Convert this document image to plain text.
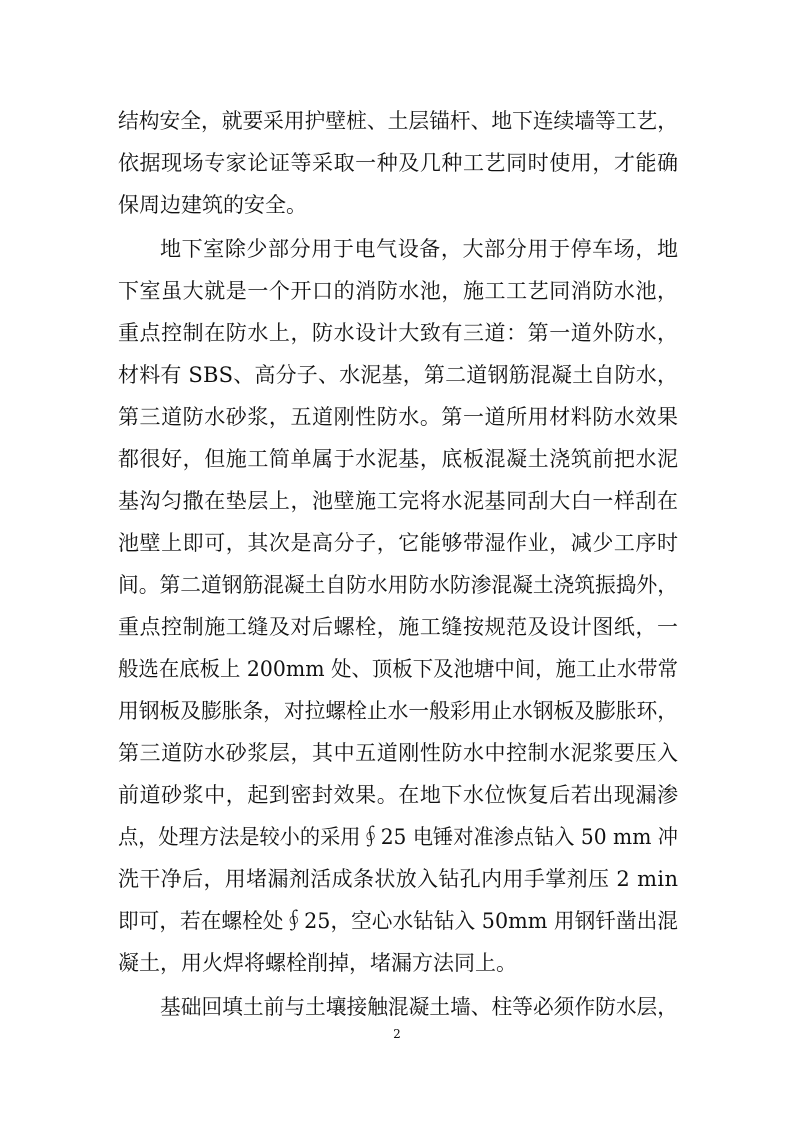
结构安全，就要采用护壁桩、土层锚杆、地下连续墙等工艺，
依据现场专家论证等采取一种及几种工艺同时使用，才能确
保周边建筑的安全。
地下室除少部分用于电气设备，大部分用于停车场，地
下室虽大就是一个开口的消防水池，施工工艺同消防水池，
重点控制在防水上，防水设计大致有三道：第一道外防水，
材料有 SBS、高分子、水泥基，第二道钢筋混凝土自防水，
第三道防水砂浆，五道刚性防水。第一道所用材料防水效果
都很好，但施工简单属于水泥基，底板混凝土浇筑前把水泥
基沟匀撒在垫层上，池壁施工完将水泥基同刮大白一样刮在
池壁上即可，其次是高分子，它能够带湿作业，减少工序时
间。第二道钢筋混凝土自防水用防水防渗混凝土浇筑振捣外，
重点控制施工缝及对后螺栓，施工缝按规范及设计图纸，一
般选在底板上 200mm 处、顶板下及池塘中间，施工止水带常
用钢板及膨胀条，对拉螺栓止水一般彩用止水钢板及膨胀环，
第三道防水砂浆层，其中五道刚性防水中控制水泥浆要压入
前道砂浆中，起到密封效果。在地下水位恢复后若出现漏渗
点，处理方法是较小的采用∮25 电锤对准渗点钻入 50 mm 冲
洗干净后，用堵漏剂活成条状放入钻孔内用手掌剂压 2 min
即可，若在螺栓处∮25，空心水钻钻入 50mm 用钢钎凿出混
凝土，用火焊将螺栓削掉，堵漏方法同上。
基础回填土前与土壤接触混凝土墙、柱等必须作防水层，
2
